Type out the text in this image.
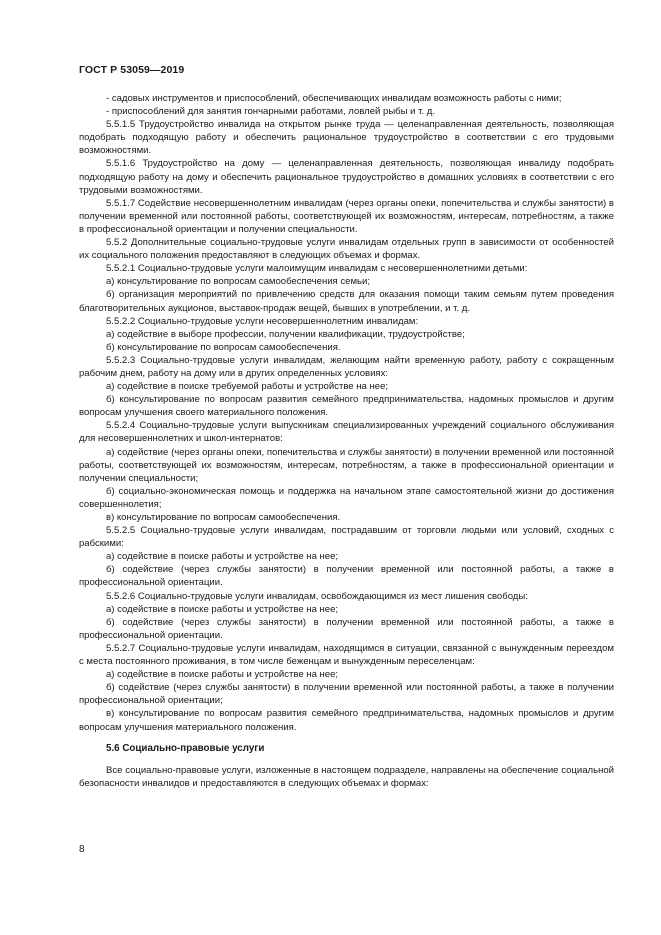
ГОСТ Р 53059—2019

- садовых инструментов и приспособлений, обеспечивающих инвалидам возможность работы с ними;

- приспособлений для занятия гончарными работами, ловлей рыбы и т. д.

5.5.1.5 Трудоустройство инвалида на открытом рынке труда — целенаправленная деятельность, позволяющая подобрать подходящую работу и обеспечить рациональное трудоустройство в соответствии с его трудовыми возможностями.

5.5.1.6 Трудоустройство на дому — целенаправленная деятельность, позволяющая инвалиду подобрать подходящую работу на дому и обеспечить рациональное трудоустройство в домашних условиях в соответствии с его трудовыми возможностями.

5.5.1.7 Содействие несовершеннолетним инвалидам (через органы опеки, попечительства и службы занятости) в получении временной или постоянной работы, соответствующей их возможностям, интересам, потребностям, а также в профессиональной ориентации и получении специальности.

5.5.2 Дополнительные социально-трудовые услуги инвалидам отдельных групп в зависимости от особенностей их социального положения предоставляют в следующих объемах и формах.

5.5.2.1 Социально-трудовые услуги малоимущим инвалидам с несовершеннолетними детьми:

а) консультирование по вопросам самообеспечения семьи;

б) организация мероприятий по привлечению средств для оказания помощи таким семьям путем проведения благотворительных аукционов, выставок-продаж вещей, бывших в употреблении, и т. д.

5.5.2.2 Социально-трудовые услуги несовершеннолетним инвалидам:

а) содействие в выборе профессии, получении квалификации, трудоустройстве;

б) консультирование по вопросам самообеспечения.

5.5.2.3 Социально-трудовые услуги инвалидам, желающим найти временную работу, работу с сокращенным рабочим днем, работу на дому или в других определенных условиях:

а) содействие в поиске требуемой работы и устройстве на нее;

б) консультирование по вопросам развития семейного предпринимательства, надомных промыслов и другим вопросам улучшения своего материального положения.

5.5.2.4 Социально-трудовые услуги выпускникам специализированных учреждений социального обслуживания для несовершеннолетних и школ-интернатов:

а) содействие (через органы опеки, попечительства и службы занятости) в получении временной или постоянной работы, соответствующей их возможностям, интересам, потребностям, а также в профессиональной ориентации и получении специальности;

б) социально-экономическая помощь и поддержка на начальном этапе самостоятельной жизни до достижения совершеннолетия;

в) консультирование по вопросам самообеспечения.

5.5.2.5 Социально-трудовые услуги инвалидам, пострадавшим от торговли людьми или условий, сходных с рабскими:

а) содействие в поиске работы и устройстве на нее;

б) содействие (через службы занятости) в получении временной или постоянной работы, а также в профессиональной ориентации.

5.5.2.6 Социально-трудовые услуги инвалидам, освобождающимся из мест лишения свободы:

а) содействие в поиске работы и устройстве на нее;

б) содействие (через службы занятости) в получении временной или постоянной работы, а также в профессиональной ориентации.

5.5.2.7 Социально-трудовые услуги инвалидам, находящимся в ситуации, связанной с вынужденным переездом с места постоянного проживания, в том числе беженцам и вынужденным переселенцам:

а) содействие в поиске работы и устройстве на нее;

б) содействие (через службы занятости) в получении временной или постоянной работы, а также в получении профессиональной ориентации;

в) консультирование по вопросам развития семейного предпринимательства, надомных промыслов и другим вопросам улучшения материального положения.

5.6 Социально-правовые услуги

Все социально-правовые услуги, изложенные в настоящем подразделе, направлены на обеспечение социальной безопасности инвалидов и предоставляются в следующих объемах и формах:

8
